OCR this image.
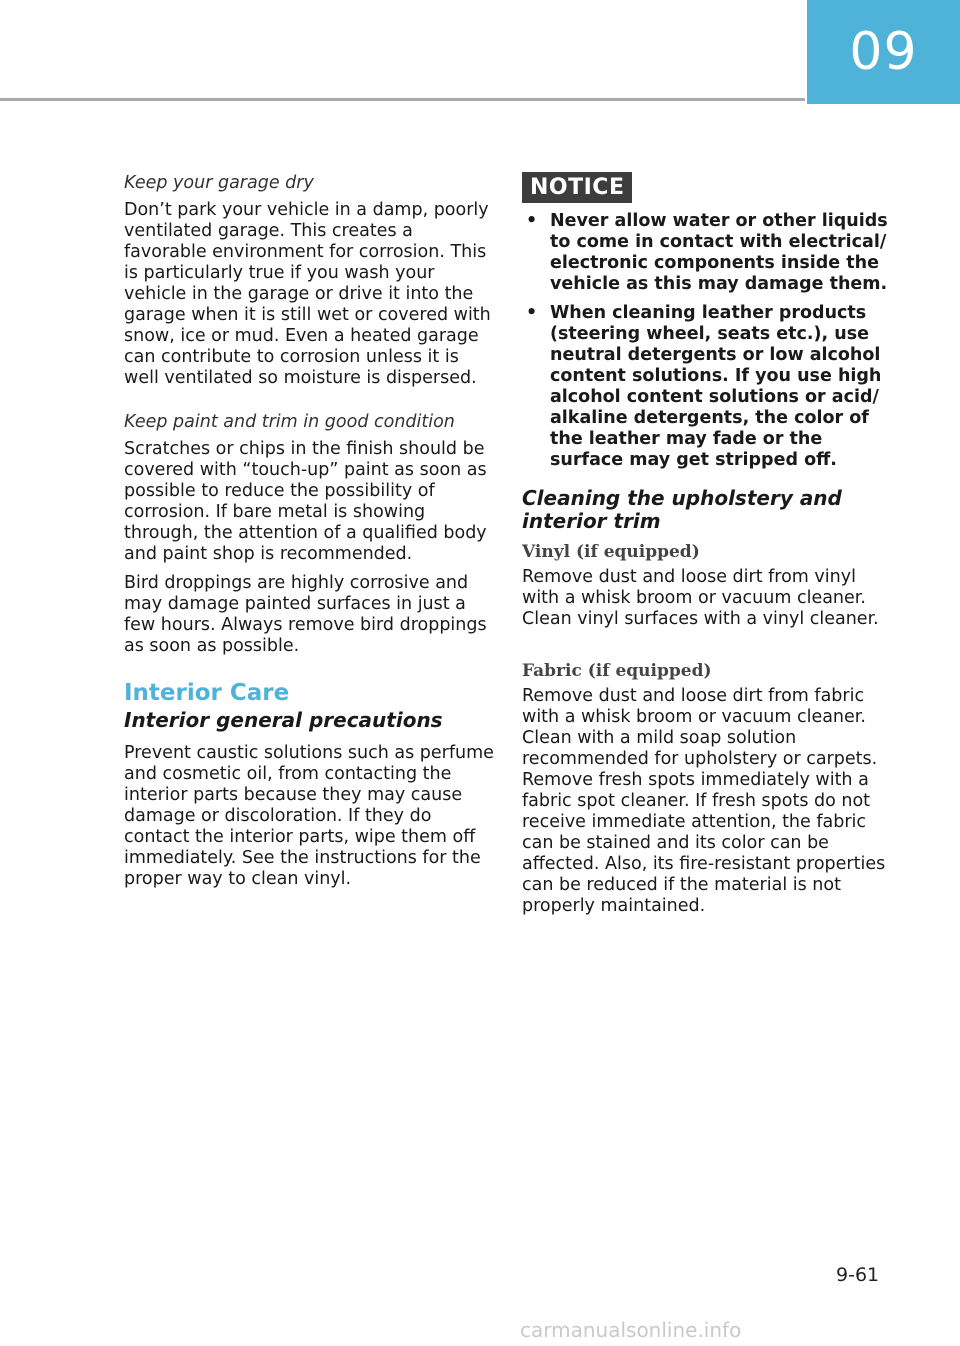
09

Keep your garage dry

Don’t park your vehicle in a damp, poorly ventilated garage. This creates a favorable environment for corrosion. This is particularly true if you wash your vehicle in the garage or drive it into the garage when it is still wet or covered with snow, ice or mud. Even a heated garage can contribute to corrosion unless it is well ventilated so moisture is dispersed.

Keep paint and trim in good condition

Scratches or chips in the finish should be covered with “touch-up” paint as soon as possible to reduce the possibility of corrosion. If bare metal is showing through, the attention of a qualified body and paint shop is recommended.

Bird droppings are highly corrosive and may damage painted surfaces in just a few hours. Always remove bird droppings as soon as possible.

Interior Care
Interior general precautions

Prevent caustic solutions such as perfume and cosmetic oil, from contacting the interior parts because they may cause damage or discoloration. If they do contact the interior parts, wipe them off immediately. See the instructions for the proper way to clean vinyl.

NOTICE
• Never allow water or other liquids to come in contact with electrical/ electronic components inside the vehicle as this may damage them.
• When cleaning leather products (steering wheel, seats etc.), use neutral detergents or low alcohol content solutions. If you use high alcohol content solutions or acid/ alkaline detergents, the color of the leather may fade or the surface may get stripped off.
Cleaning the upholstery and interior trim

Vinyl (if equipped)

Remove dust and loose dirt from vinyl with a whisk broom or vacuum cleaner. Clean vinyl surfaces with a vinyl cleaner.

Fabric (if equipped)

Remove dust and loose dirt from fabric with a whisk broom or vacuum cleaner. Clean with a mild soap solution recommended for upholstery or carpets. Remove fresh spots immediately with a fabric spot cleaner. If fresh spots do not receive immediate attention, the fabric can be stained and its color can be affected. Also, its fire-resistant properties can be reduced if the material is not properly maintained.

9-61
carmanualsonline.info
